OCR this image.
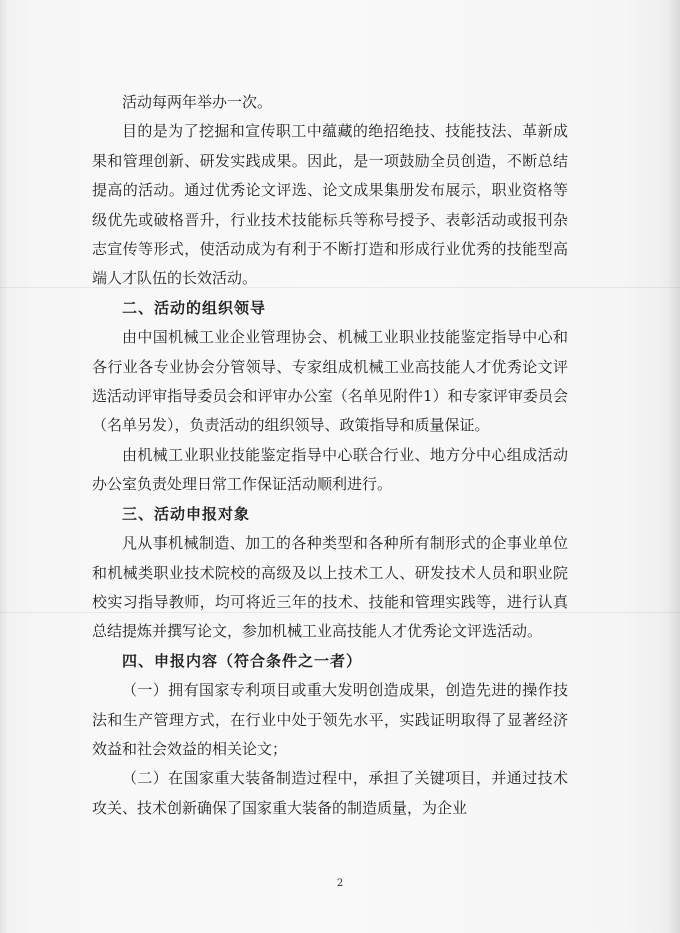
活动每两年举办一次。

目的是为了挖掘和宣传职工中蕴藏的绝招绝技、技能技法、革新成果和管理创新、研发实践成果。因此，是一项鼓励全员创造，不断总结提高的活动。通过优秀论文评选、论文成果集册发布展示，职业资格等级优先或破格晋升，行业技术技能标兵等称号授予、表彰活动或报刊杂志宣传等形式，使活动成为有利于不断打造和形成行业优秀的技能型高端人才队伍的长效活动。

二、活动的组织领导

由中国机械工业企业管理协会、机械工业职业技能鉴定指导中心和各行业各专业协会分管领导、专家组成机械工业高技能人才优秀论文评选活动评审指导委员会和评审办公室（名单见附件1）和专家评审委员会（名单另发），负责活动的组织领导、政策指导和质量保证。

由机械工业职业技能鉴定指导中心联合行业、地方分中心组成活动办公室负责处理日常工作保证活动顺利进行。

三、活动申报对象

凡从事机械制造、加工的各种类型和各种所有制形式的企事业单位和机械类职业技术院校的高级及以上技术工人、研发技术人员和职业院校实习指导教师，均可将近三年的技术、技能和管理实践等，进行认真总结提炼并撰写论文，参加机械工业高技能人才优秀论文评选活动。

四、申报内容（符合条件之一者）

（一）拥有国家专利项目或重大发明创造成果，创造先进的操作技法和生产管理方式，在行业中处于领先水平，实践证明取得了显著经济效益和社会效益的相关论文；

（二）在国家重大装备制造过程中，承担了关键项目，并通过技术攻关、技术创新确保了国家重大装备的制造质量，为企业

2
